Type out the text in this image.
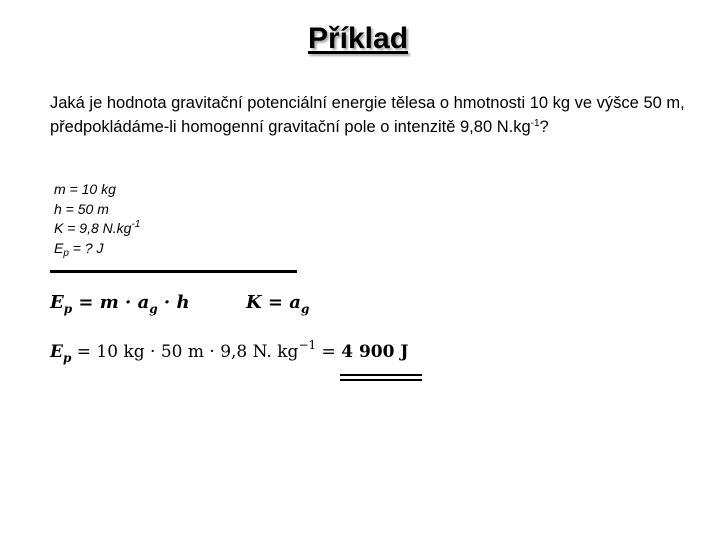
Příklad
Jaká je hodnota gravitační potenciální energie tělesa o hmotnosti 10 kg ve výšce 50 m, předpokládáme-li homogenní gravitační pole o intenzitě 9,80 $N.kg^{-1}$?
m = 10 kg
h = 50 m
K = 9,8 $N.kg^{-1}$
$E_p$ = ? J
$E_p = m \cdot a_g \cdot h$	$K = a_g$
$E_p = 10$ kg · 50 m · 9,8 N. $kg^{-1} = 4$ 900 J
